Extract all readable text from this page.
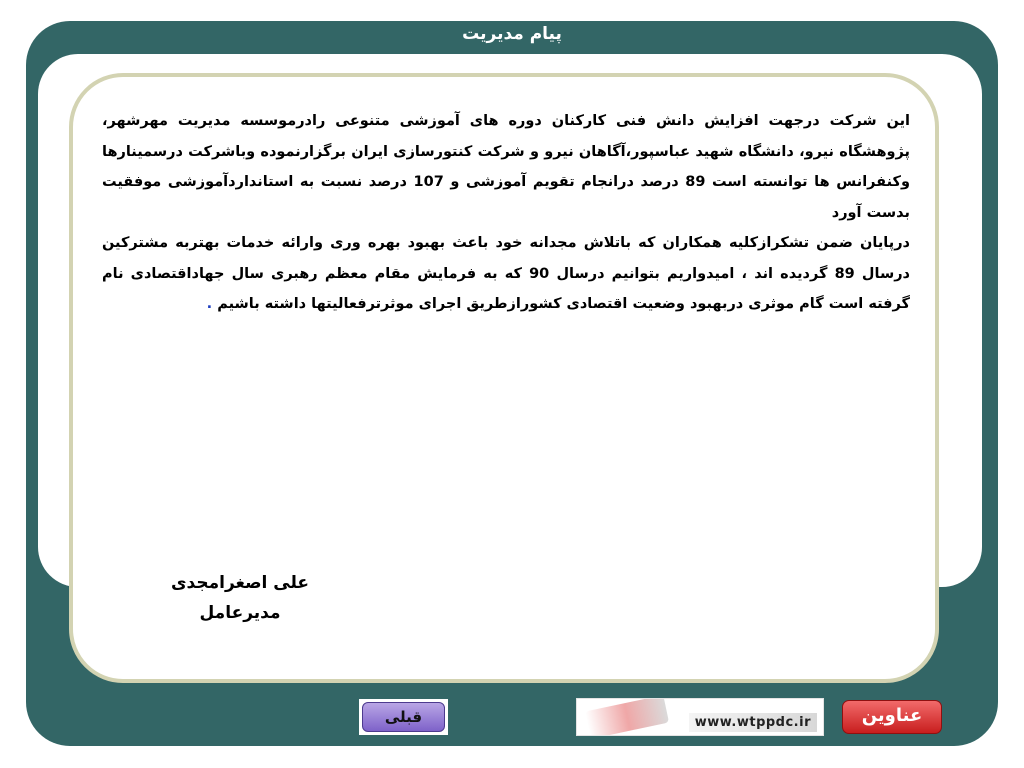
پیام مدیریت
این شرکت درجهت افزایش دانش فنی کارکنان دوره های آموزشی متنوعی رادرموسسه مدیریت مهرشهر، پژوهشگاه نیرو، دانشگاه شهید عباسپور،آگاهان نیرو و شرکت کنتورسازی ایران برگزارنموده وباشرکت درسمینارها وکنفرانس ها توانسته است 89 درصد درانجام تقویم آموزشی و 107 درصد نسبت به استانداردآموزشی موفقیت بدست آورد
درپایان ضمن تشکرازکلیه همکاران که باتلاش مجدانه خود باعث بهبود بهره وری وارائه خدمات بهتربه مشترکین درسال 89 گردیده اند ، امیدواریم بتوانیم درسال 90 که به فرمایش مقام معظم رهبری سال جهاداقتصادی نام گرفته است گام موثری دربهبود وضعیت اقتصادی کشورازطریق اجرای موثرترفعالیتها داشته باشیم .
علی اصغرامجدی
مدیرعامل
قبلی	www.wtppdc.ir	عناوین
